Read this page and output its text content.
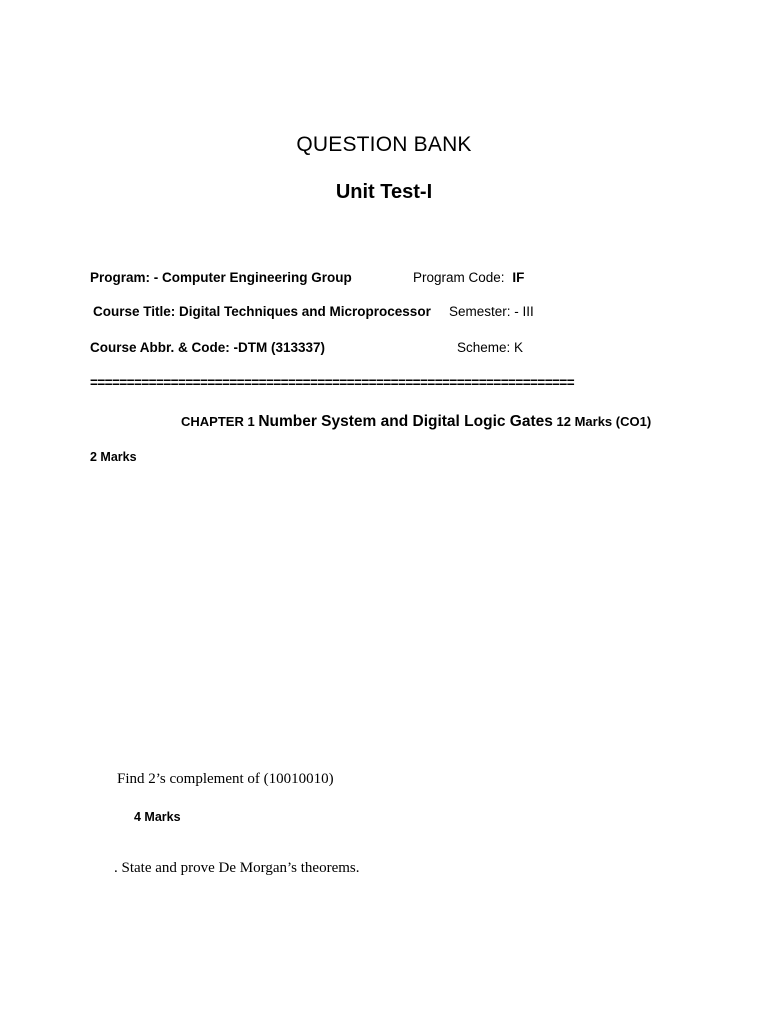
QUESTION BANK
Unit Test-I
Program: - Computer Engineering Group	Program Code: IF
Course Title: Digital Techniques and Microprocessor Semester: - III
Course Abbr. & Code: -DTM (313337)	Scheme: K
==================================================================
CHAPTER 1 Number System and Digital Logic Gates 12 Marks (CO1)
2 Marks
Find 2’s complement of (10010010)
4 Marks
. State and prove De Morgan’s theorems.
